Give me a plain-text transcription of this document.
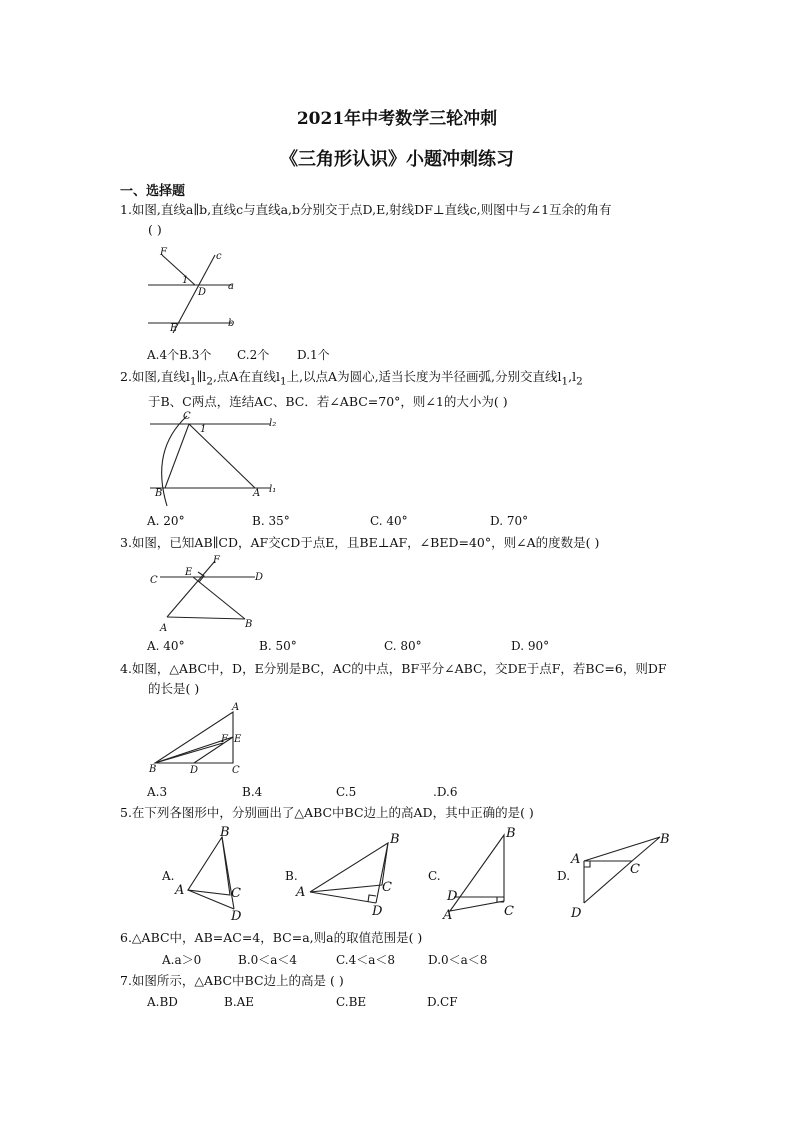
2021年中考数学三轮冲刺
《三角形认识》小题冲刺练习
一、选择题
1.如图,直线a∥b,直线c与直线a,b分别交于点D,E,射线DF⊥直线c,则图中与∠1互余的角有
( )
F	c
1
D
a
E	b
A.4个B.3个 C.2个 D.1个
2.如图,直线$l_1\parallel l_2$,点A在直线$l_1$上,以点A为圆心,适当长度为半径画弧,分别交直线$l_1,l_2$
于B、C两点，连结AC、BC．若∠ABC=70°，则∠1的大小为( )
C
1
l₂
B	A l₁
A. 20°	B. 35°	C. 40°	D. 70°
3.如图，已知AB∥CD，AF交CD于点E，且BE⊥AF，∠BED=40°，则∠A的度数是( )
F
C
E	D
A	B
A. 40°	B. 50°	C. 80°	D. 90°
4.如图，△ABC中，D，E分别是BC，AC的中点，BF平分∠ABC，交DE于点F，若BC=6，则DF
的长是( )
A
F E
B	D	C
A.3	B.4	C.5	.D.6
5.在下列各图形中，分别画出了△ABC中BC边上的高AD，其中正确的是( )
A.	B.	C.	D.
B
A	C
D
B
A	C
D
B
D
A	C
B
A
C
D
6.△ABC中，AB=AC=4，BC=a,则a的取值范围是( )
A.a＞0	B.0＜a＜4	C.4＜a＜8	D.0＜a＜8
7.如图所示，△ABC中BC边上的高是 ( )
A.BD	B.AE	C.BE	D.CF
